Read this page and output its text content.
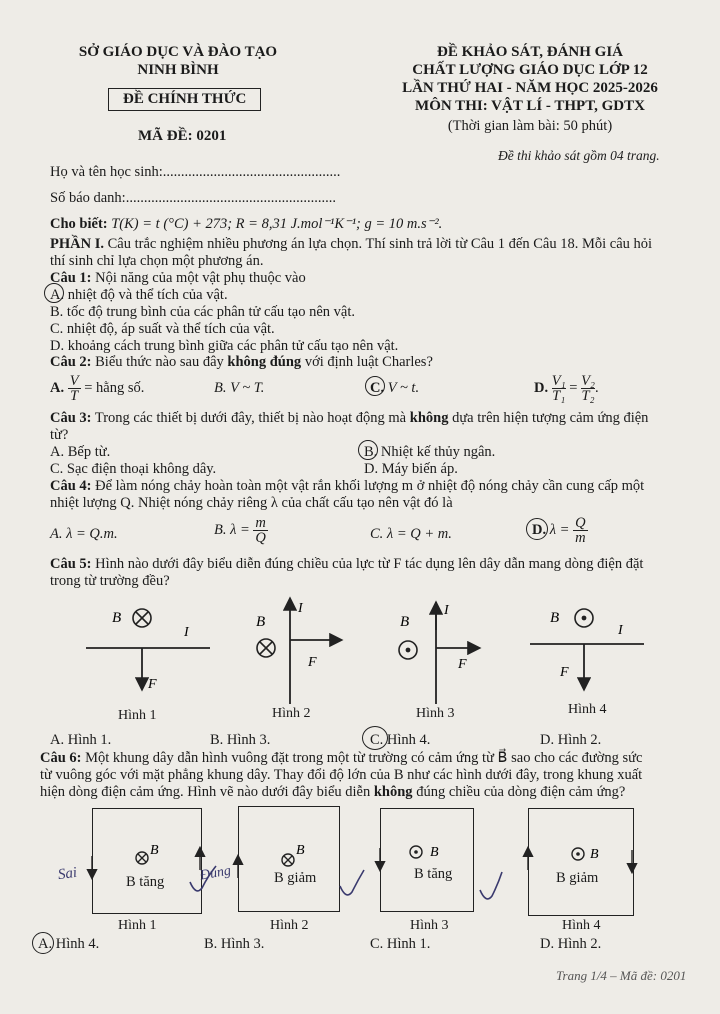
SỞ GIÁO DỤC VÀ ĐÀO TẠO
NINH BÌNH
ĐỀ CHÍNH THỨC
MÃ ĐỀ: 0201
ĐỀ KHẢO SÁT, ĐÁNH GIÁ
CHẤT LƯỢNG GIÁO DỤC LỚP 12
LẦN THỨ HAI - NĂM HỌC 2025-2026
MÔN THI: VẬT LÍ - THPT, GDTX
(Thời gian làm bài: 50 phút)
Đề thi khảo sát gồm 04 trang.
Họ và tên học sinh:.................................................
Số báo danh:..........................................................
Cho biết: T(K) = t (°C) + 273; R = 8,31 J.mol⁻¹K⁻¹; g = 10 m.s⁻².
PHẦN I. Câu trắc nghiệm nhiều phương án lựa chọn. Thí sinh trả lời từ Câu 1 đến Câu 18. Mỗi câu hỏi
thí sinh chỉ lựa chọn một phương án.
Câu 1: Nội năng của một vật phụ thuộc vào
A. nhiệt độ và thể tích của vật.
B. tốc độ trung bình của các phân tử cấu tạo nên vật.
C. nhiệt độ, áp suất và thể tích của vật.
D. khoảng cách trung bình giữa các phân tử cấu tạo nên vật.
Câu 2: Biểu thức nào sau đây không đúng với định luật Charles?
A. $\frac{V}{T}$ = hằng số.	B. V ~ T.	C. V ~ t.	D. $\frac{\text{V₁}}{\text{T₁}} = \frac{\text{V₂}}{\text{T₂}}$ .
Câu 3: Trong các thiết bị dưới đây, thiết bị nào hoạt động mà không dựa trên hiện tượng cảm ứng điện
từ?
A. Bếp từ.	B. Nhiệt kế thủy ngân.
C. Sạc điện thoại không dây.	D. Máy biến áp.
Câu 4: Để làm nóng chảy hoàn toàn một vật rắn khối lượng m ở nhiệt độ nóng chảy cần cung cấp một
nhiệt lượng Q. Nhiệt nóng chảy riêng λ của chất cấu tạo nên vật đó là
A. λ = Q.m.	B. $\lambda = \frac{m}{Q}$	C. λ = Q + m.	D. $\lambda = \frac{Q}{m}$
Câu 5: Hình nào dưới đây biểu diễn đúng chiều của lực từ F tác dụng lên dây dẫn mang dòng điện đặt
trong từ trường đều?
B⃗
I
F⃗
B⃗
I
F⃗
B⃗
I
F⃗
B⃗
I
F⃗
Hình 1	Hình 2	Hình 3	Hình 4
A. Hình 1.	B. Hình 3.	C. Hình 4.	D. Hình 2.
Câu 6: Một khung dây dẫn hình vuông đặt trong một từ trường có cảm ứng từ B⃗ sao cho các đường sức
từ vuông góc với mặt phẳng khung dây. Thay đổi độ lớn của B như các hình dưới đây, trong khung xuất
hiện dòng điện cảm ứng. Hình vẽ nào dưới đây biểu diễn không đúng chiều của dòng điện cảm ứng?
B⃗	B⃗	B⃗	B⃗
B tăng	B giảm	B tăng	B giảm
Sai	Đúng
Hình 1	Hình 2	Hình 3	Hình 4
A. Hình 4.	B. Hình 3.	C. Hình 1.	D. Hình 2.
Trang 1/4 – Mã đề: 0201
